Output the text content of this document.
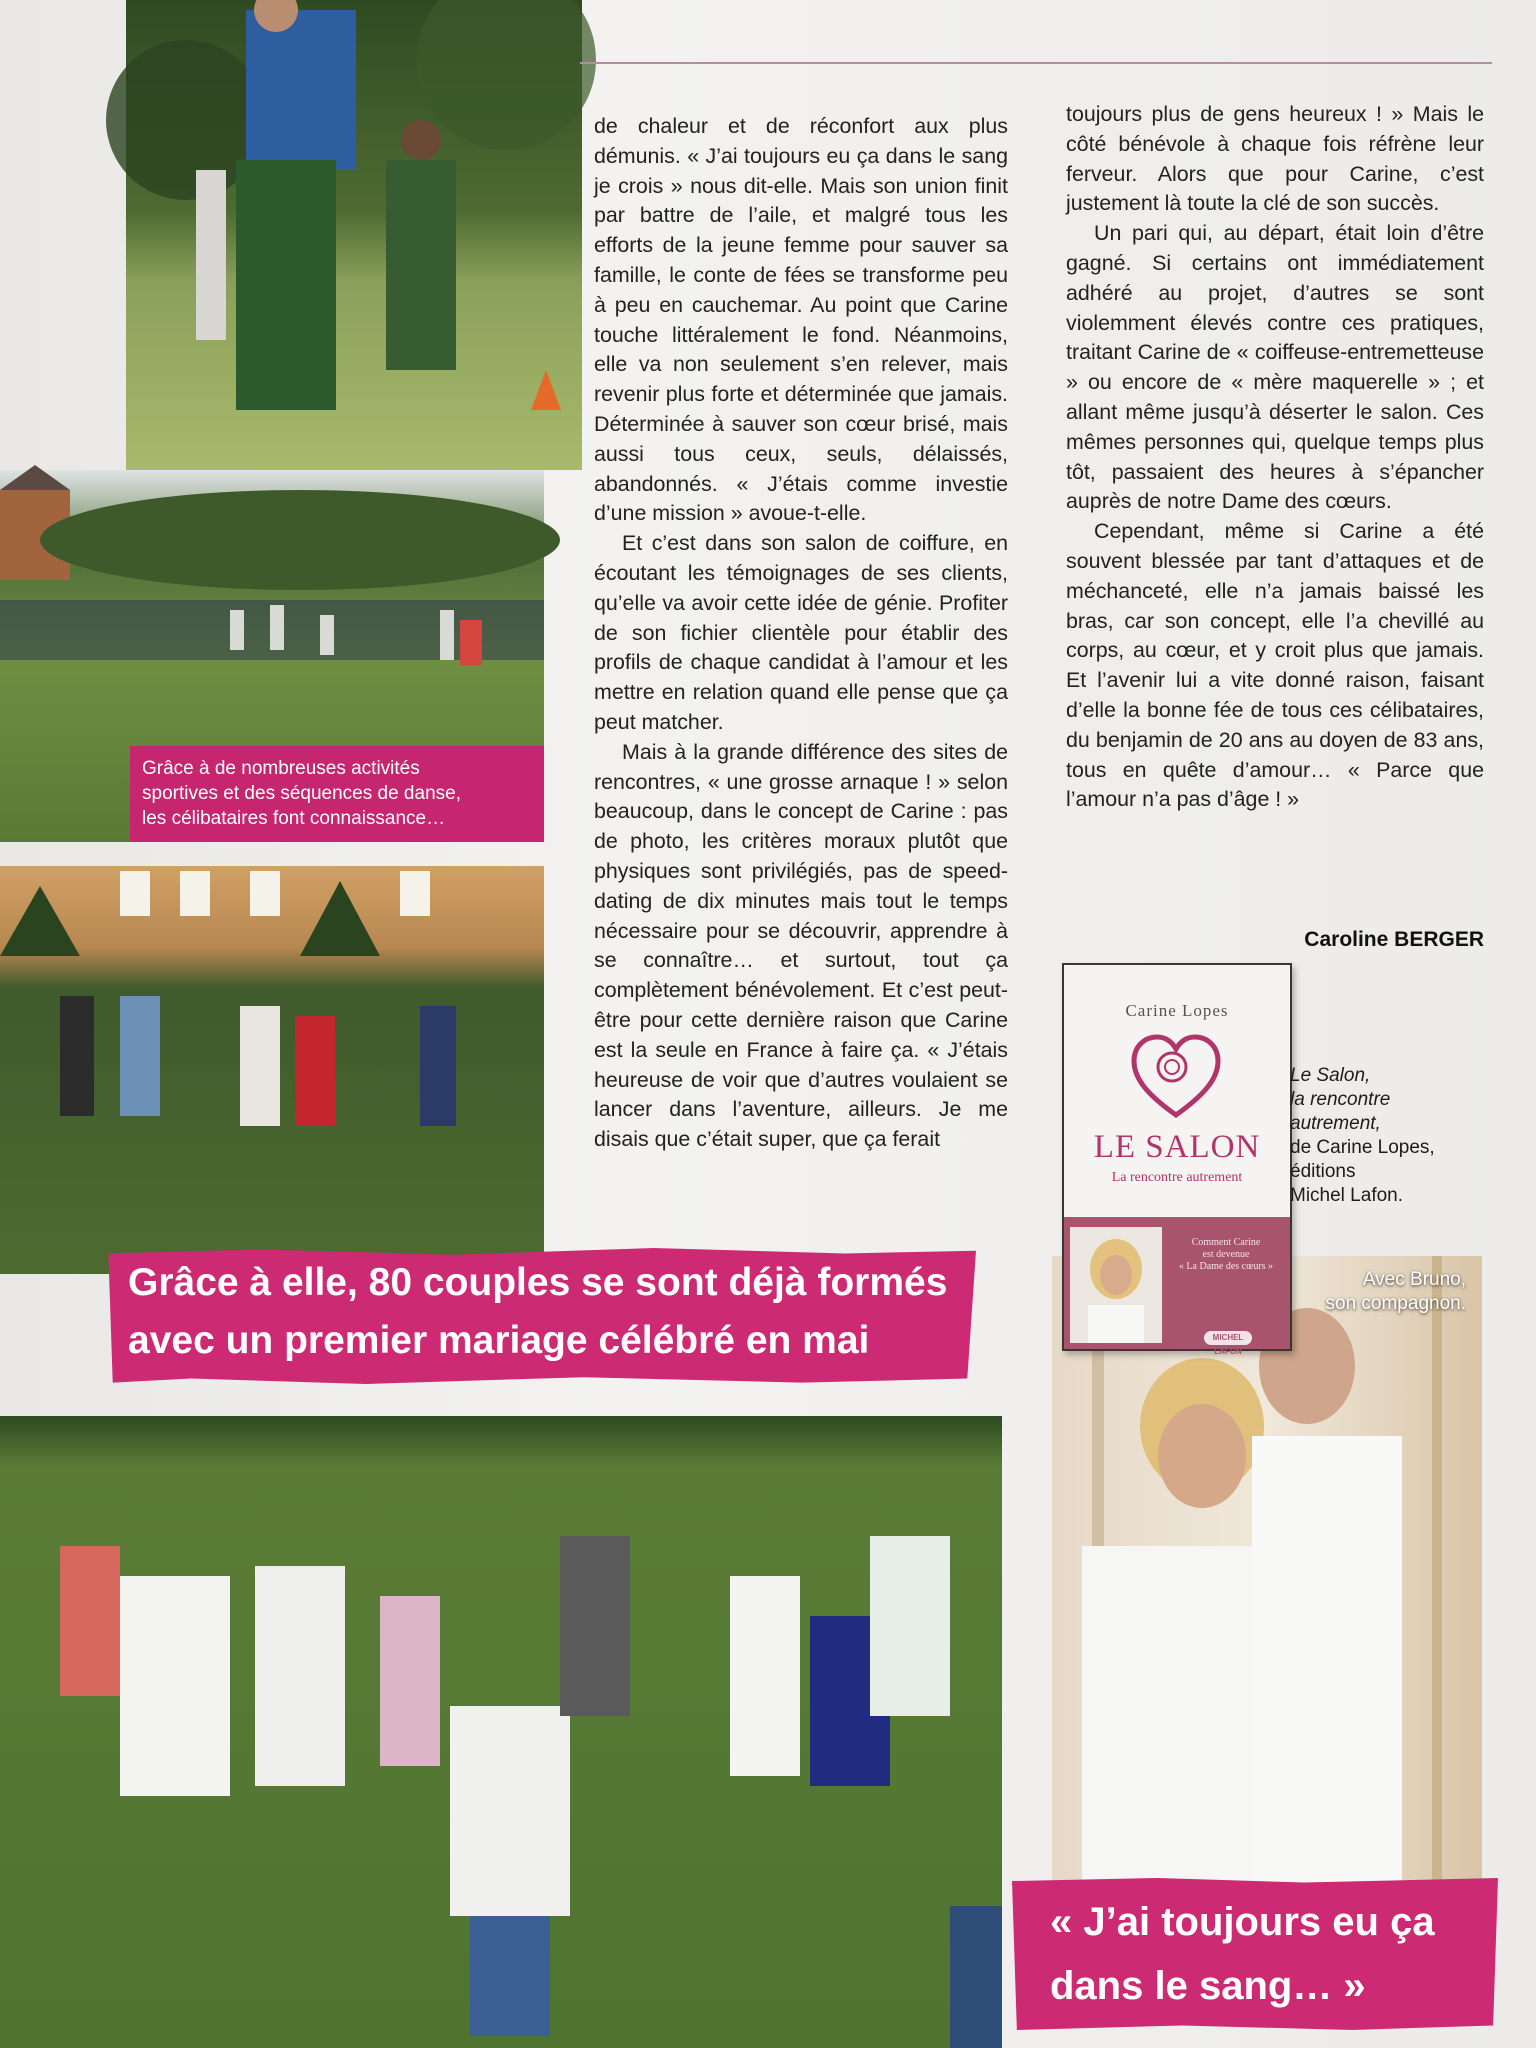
de chaleur et de réconfort aux plus démunis. « J’ai toujours eu ça dans le sang je crois » nous dit-elle. Mais son union finit par battre de l’aile, et malgré tous les efforts de la jeune femme pour sauver sa famille, le conte de fées se transforme peu à peu en cauchemar. Au point que Carine touche littéralement le fond. Néanmoins, elle va non seulement s’en relever, mais revenir plus forte et déterminée que jamais. Déterminée à sauver son cœur brisé, mais aussi tous ceux, seuls, délaissés, abandonnés. « J’étais comme investie d’une mission » avoue-t-elle.

Et c’est dans son salon de coiffure, en écoutant les témoignages de ses clients, qu’elle va avoir cette idée de génie. Profiter de son fichier clientèle pour établir des profils de chaque candidat à l’amour et les mettre en relation quand elle pense que ça peut matcher.

Mais à la grande différence des sites de rencontres, « une grosse arnaque ! » selon beaucoup, dans le concept de Carine : pas de photo, les critères moraux plutôt que physiques sont privilégiés, pas de speed-dating de dix minutes mais tout le temps nécessaire pour se découvrir, apprendre à se connaître… et surtout, tout ça complètement bénévolement. Et c’est peut-être pour cette dernière raison que Carine est la seule en France à faire ça. « J’étais heureuse de voir que d’autres voulaient se lancer dans l’aventure, ailleurs. Je me disais que c’était super, que ça ferait

toujours plus de gens heureux ! » Mais le côté bénévole à chaque fois réfrène leur ferveur. Alors que pour Carine, c’est justement là toute la clé de son succès.

Un pari qui, au départ, était loin d’être gagné. Si certains ont immédiatement adhéré au projet, d’autres se sont violemment élevés contre ces pratiques, traitant Carine de « coiffeuse-entremetteuse » ou encore de « mère maquerelle » ; et allant même jusqu’à déserter le salon. Ces mêmes personnes qui, quelque temps plus tôt, passaient des heures à s’épancher auprès de notre Dame des cœurs.

Cependant, même si Carine a été souvent blessée par tant d’attaques et de méchanceté, elle n’a jamais baissé les bras, car son concept, elle l’a chevillé au corps, au cœur, et y croit plus que jamais. Et l’avenir lui a vite donné raison, faisant d’elle la bonne fée de tous ces célibataires, du benjamin de 20 ans au doyen de 83 ans, tous en quête d’amour… « Parce que l’amour n’a pas d’âge ! »

Caroline BERGER
Grâce à de nombreuses activités
sportives et des séquences de danse,
les célibataires font connaissance…
Carine Lopes
LE SALON
La rencontre autrement
Comment Carine
est devenue
« La Dame des cœurs »
MICHEL LAFON
Le Salon,
la rencontre
autrement,
de Carine Lopes,
éditions
Michel Lafon.
Avec Bruno,
son compagnon.
Grâce à elle, 80 couples se sont déjà formés
avec un premier mariage célébré en mai
« J’ai toujours eu ça
dans le sang… »
